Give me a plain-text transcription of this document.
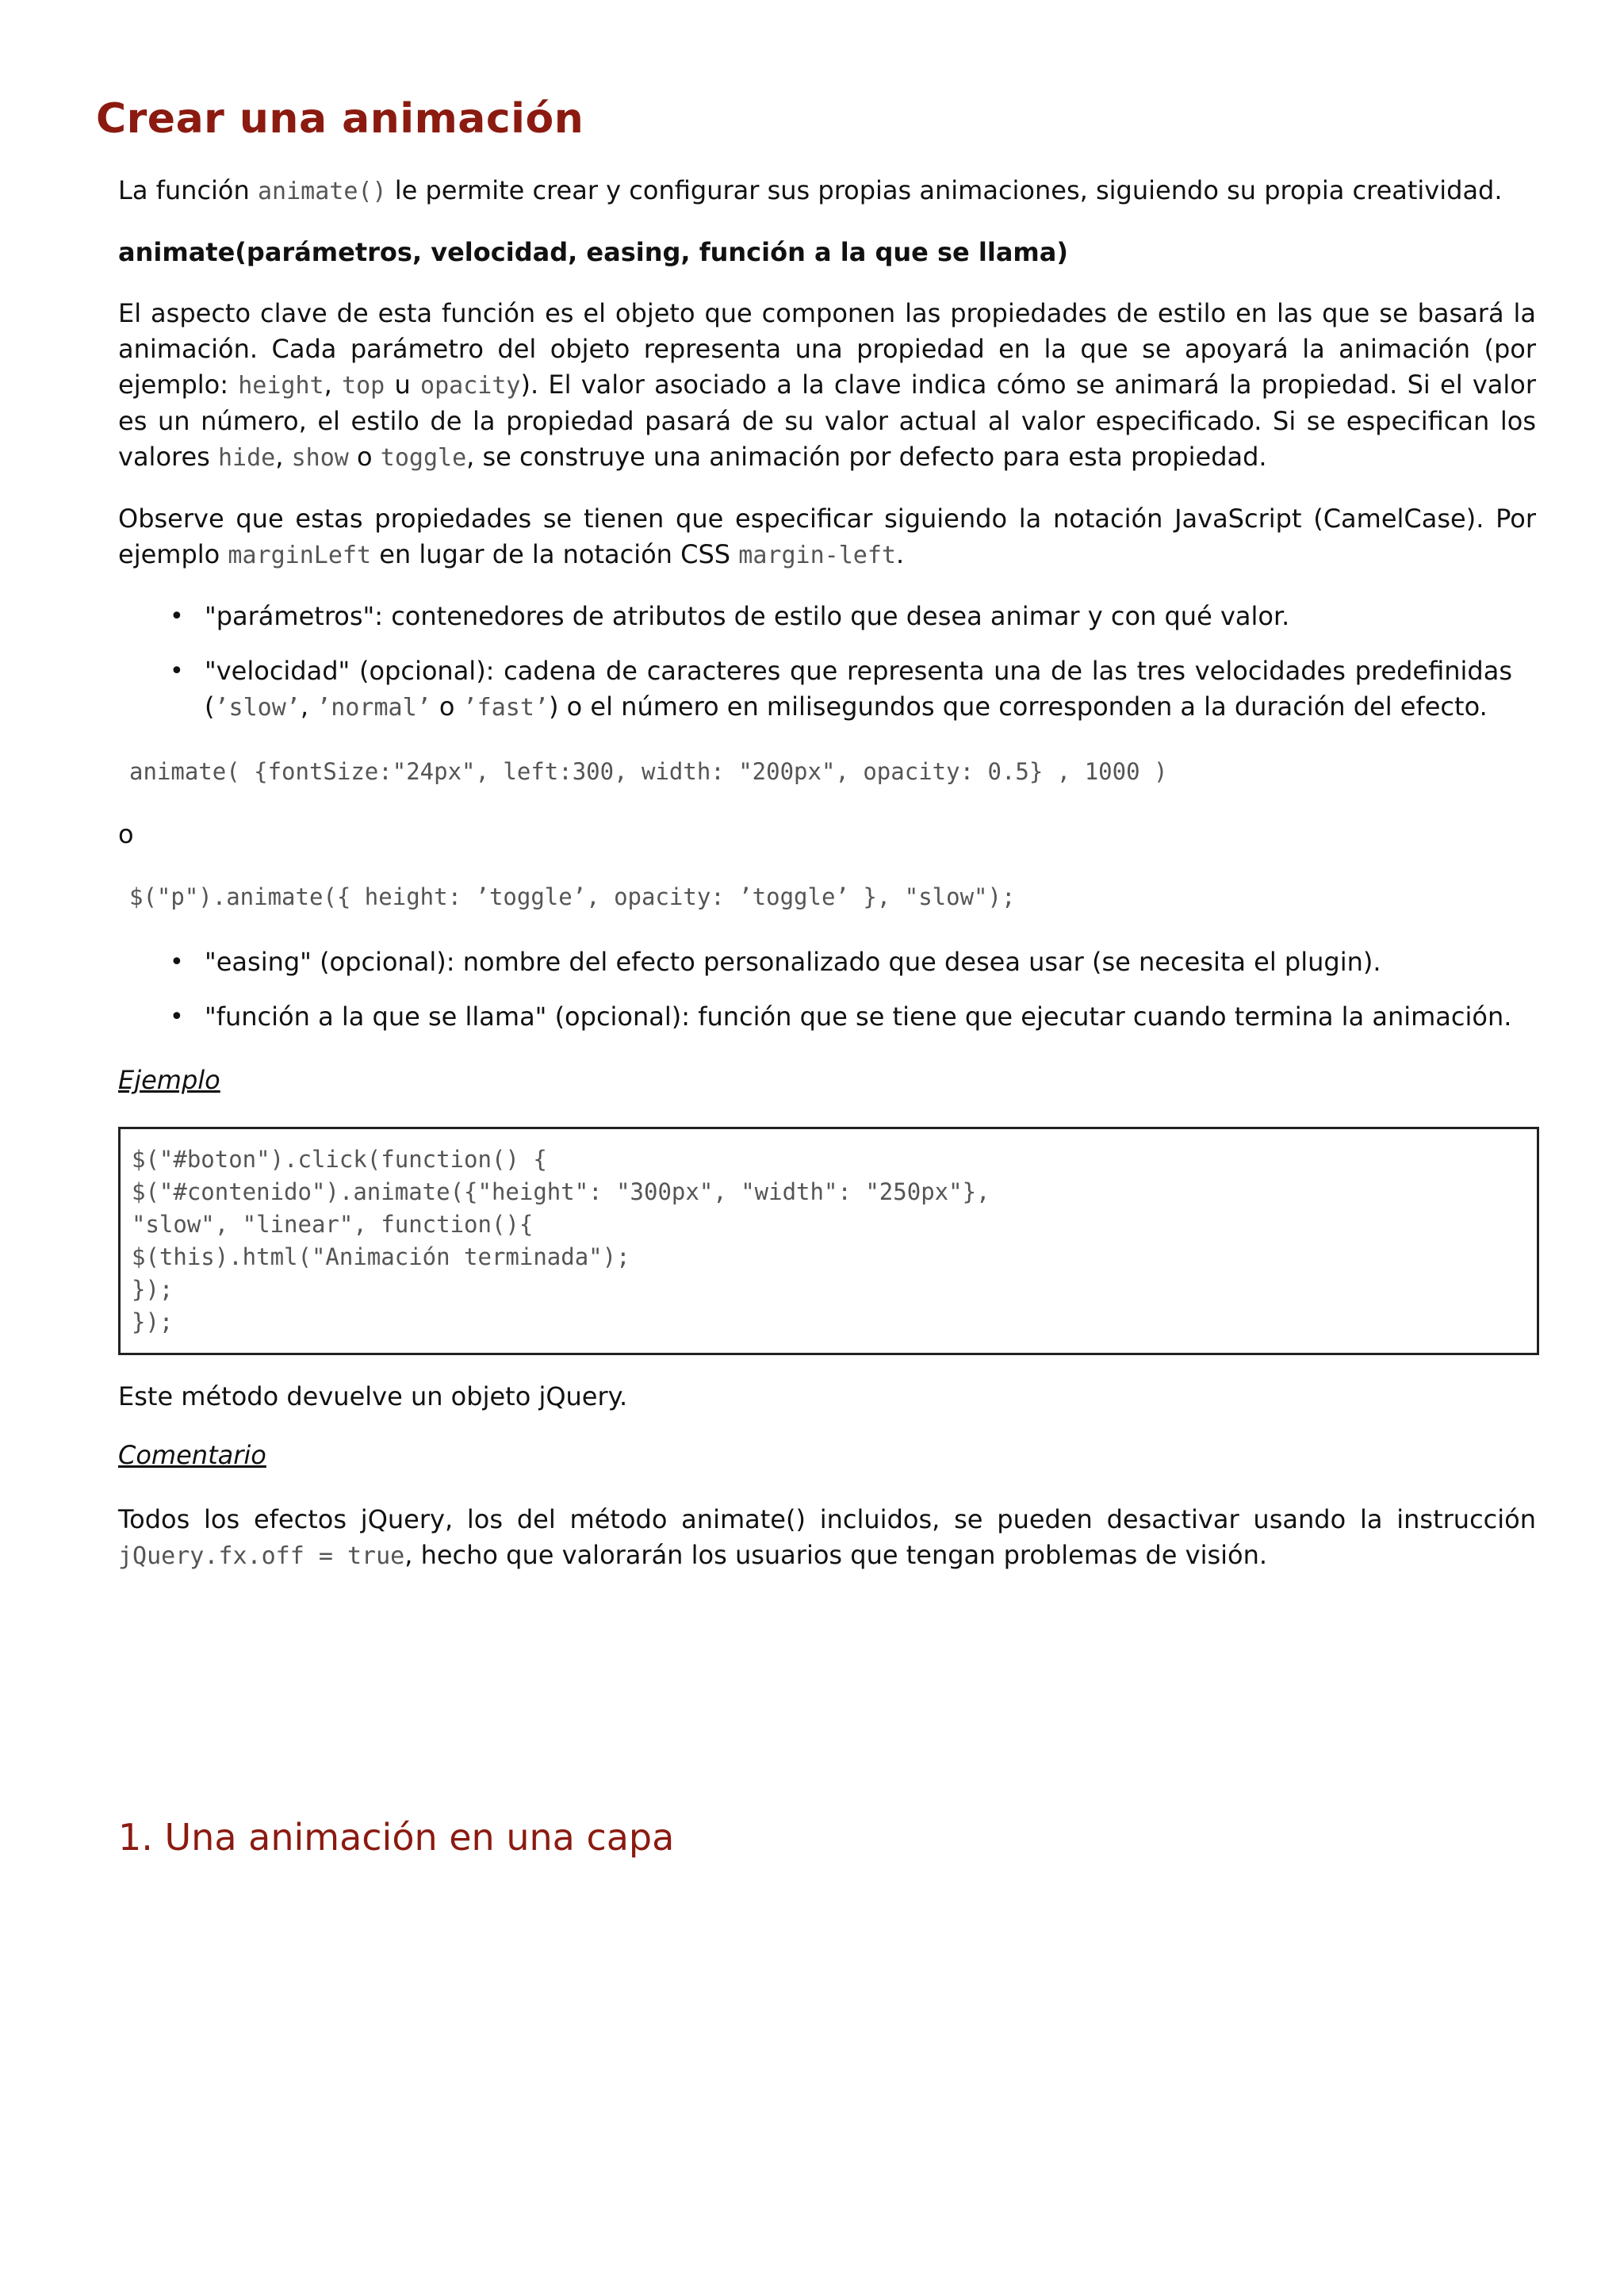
Crear una animación

La función animate() le permite crear y configurar sus propias animaciones, siguiendo su propia creatividad.

animate(parámetros, velocidad, easing, función a la que se llama)

El aspecto clave de esta función es el objeto que componen las propiedades de estilo en las que se basará la animación. Cada parámetro del objeto representa una propiedad en la que se apoyará la animación (por ejemplo: height, top u opacity). El valor asociado a la clave indica cómo se animará la propiedad. Si el valor es un número, el estilo de la propiedad pasará de su valor actual al valor especificado. Si se especifican los valores hide, show o toggle, se construye una animación por defecto para esta propiedad.

Observe que estas propiedades se tienen que especificar siguiendo la notación JavaScript (CamelCase). Por ejemplo marginLeft en lugar de la notación CSS margin-left.

• "parámetros": contenedores de atributos de estilo que desea animar y con qué valor.
• "velocidad" (opcional): cadena de caracteres que representa una de las tres velocidades predefinidas (’slow’, ’normal’ o ’fast’) o el número en milisegundos que corresponden a la duración del efecto.
animate( {fontSize:"24px", left:300, width: "200px", opacity: 0.5} , 1000 )
o
$("p").animate({ height: ’toggle’, opacity: ’toggle’ }, "slow");
• "easing" (opcional): nombre del efecto personalizado que desea usar (se necesita el plugin).
• "función a la que se llama" (opcional): función que se tiene que ejecutar cuando termina la animación.
Ejemplo
$("#boton").click(function() {
$("#contenido").animate({"height": "300px", "width": "250px"},
"slow", "linear", function(){
$(this).html("Animación terminada");
});
});

Este método devuelve un objeto jQuery.

Comentario

Todos los efectos jQuery, los del método animate() incluidos, se pueden desactivar usando la instrucción jQuery.fx.off = true, hecho que valorarán los usuarios que tengan problemas de visión.

1. Una animación en una capa
